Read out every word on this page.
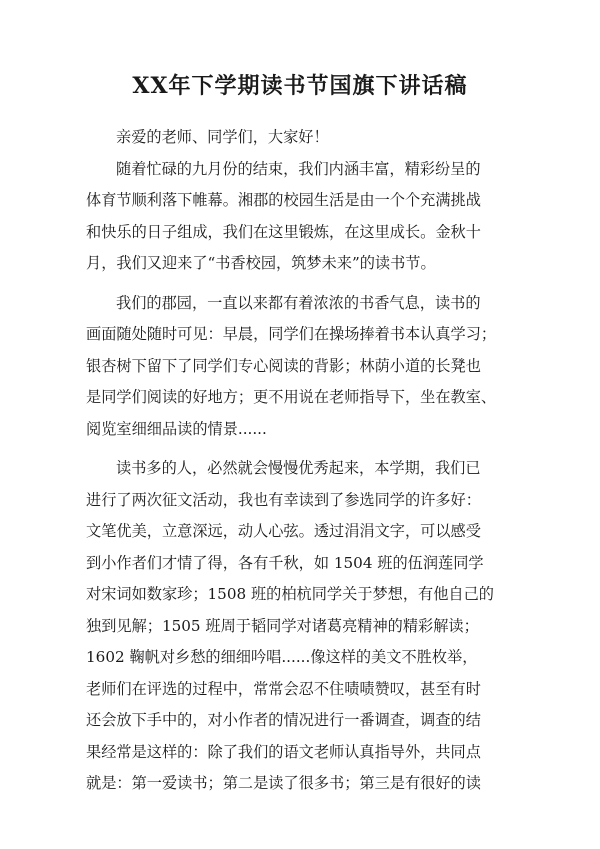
XX年下学期读书节国旗下讲话稿

亲爱的老师、同学们，大家好！

随着忙碌的九月份的结束，我们内涵丰富，精彩纷呈的
体育节顺利落下帷幕。湘郡的校园生活是由一个个充满挑战
和快乐的日子组成，我们在这里锻炼，在这里成长。金秋十
月，我们又迎来了“书香校园，筑梦未来”的读书节。

我们的郡园，一直以来都有着浓浓的书香气息，读书的
画面随处随时可见：早晨，同学们在操场捧着书本认真学习；
银杏树下留下了同学们专心阅读的背影；林荫小道的长凳也
是同学们阅读的好地方；更不用说在老师指导下，坐在教室、
阅览室细细品读的情景......

读书多的人，必然就会慢慢优秀起来，本学期，我们已
进行了两次征文活动，我也有幸读到了参选同学的许多好：
文笔优美，立意深远，动人心弦。透过涓涓文字，可以感受
到小作者们才情了得，各有千秋，如 1504 班的伍润莲同学
对宋词如数家珍；1508 班的柏杭同学关于梦想，有他自己的
独到见解；1505 班周于韬同学对诸葛亮精神的精彩解读；
1602 鞠帆对乡愁的细细吟唱......像这样的美文不胜枚举，
老师们在评选的过程中，常常会忍不住啧啧赞叹，甚至有时
还会放下手中的，对小作者的情况进行一番调查，调查的结
果经常是这样的：除了我们的语文老师认真指导外，共同点
就是：第一爱读书；第二是读了很多书；第三是有很好的读
